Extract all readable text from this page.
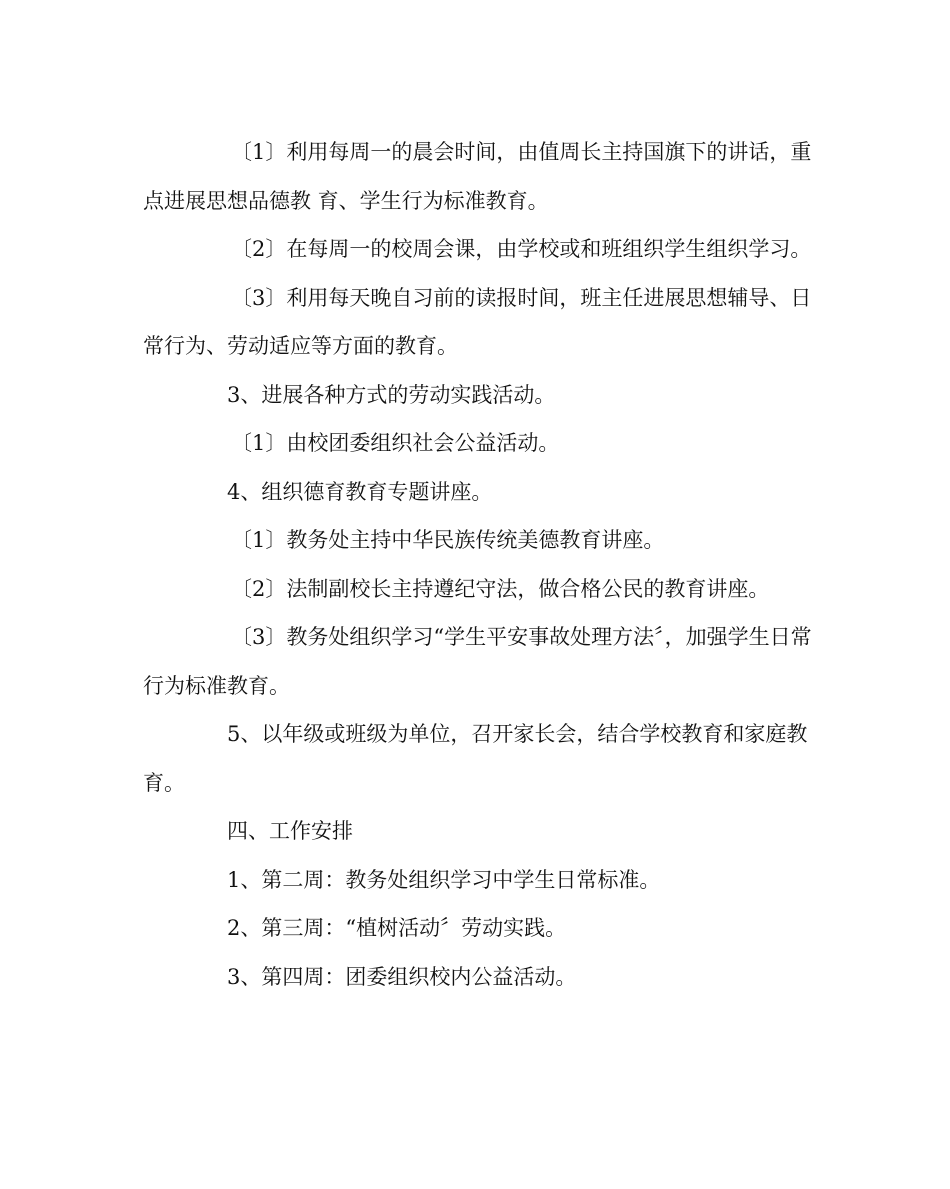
〔1〕利用每周一的晨会时间，由值周长主持国旗下的讲话，重点进展思想品德教 育、学生行为标准教育。

〔2〕在每周一的校周会课，由学校或和班组织学生组织学习。

〔3〕利用每天晚自习前的读报时间，班主任进展思想辅导、日常行为、劳动适应等方面的教育。

3、进展各种方式的劳动实践活动。

〔1〕由校团委组织社会公益活动。

4、组织德育教育专题讲座。

〔1〕教务处主持中华民族传统美德教育讲座。

〔2〕法制副校长主持遵纪守法，做合格公民的教育讲座。

〔3〕教务处组织学习“学生平安事故处理方法〞，加强学生日常行为标准教育。

5、以年级或班级为单位，召开家长会，结合学校教育和家庭教育。

四、工作安排

1、第二周：教务处组织学习中学生日常标准。

2、第三周：“植树活动〞劳动实践。

3、第四周：团委组织校内公益活动。
